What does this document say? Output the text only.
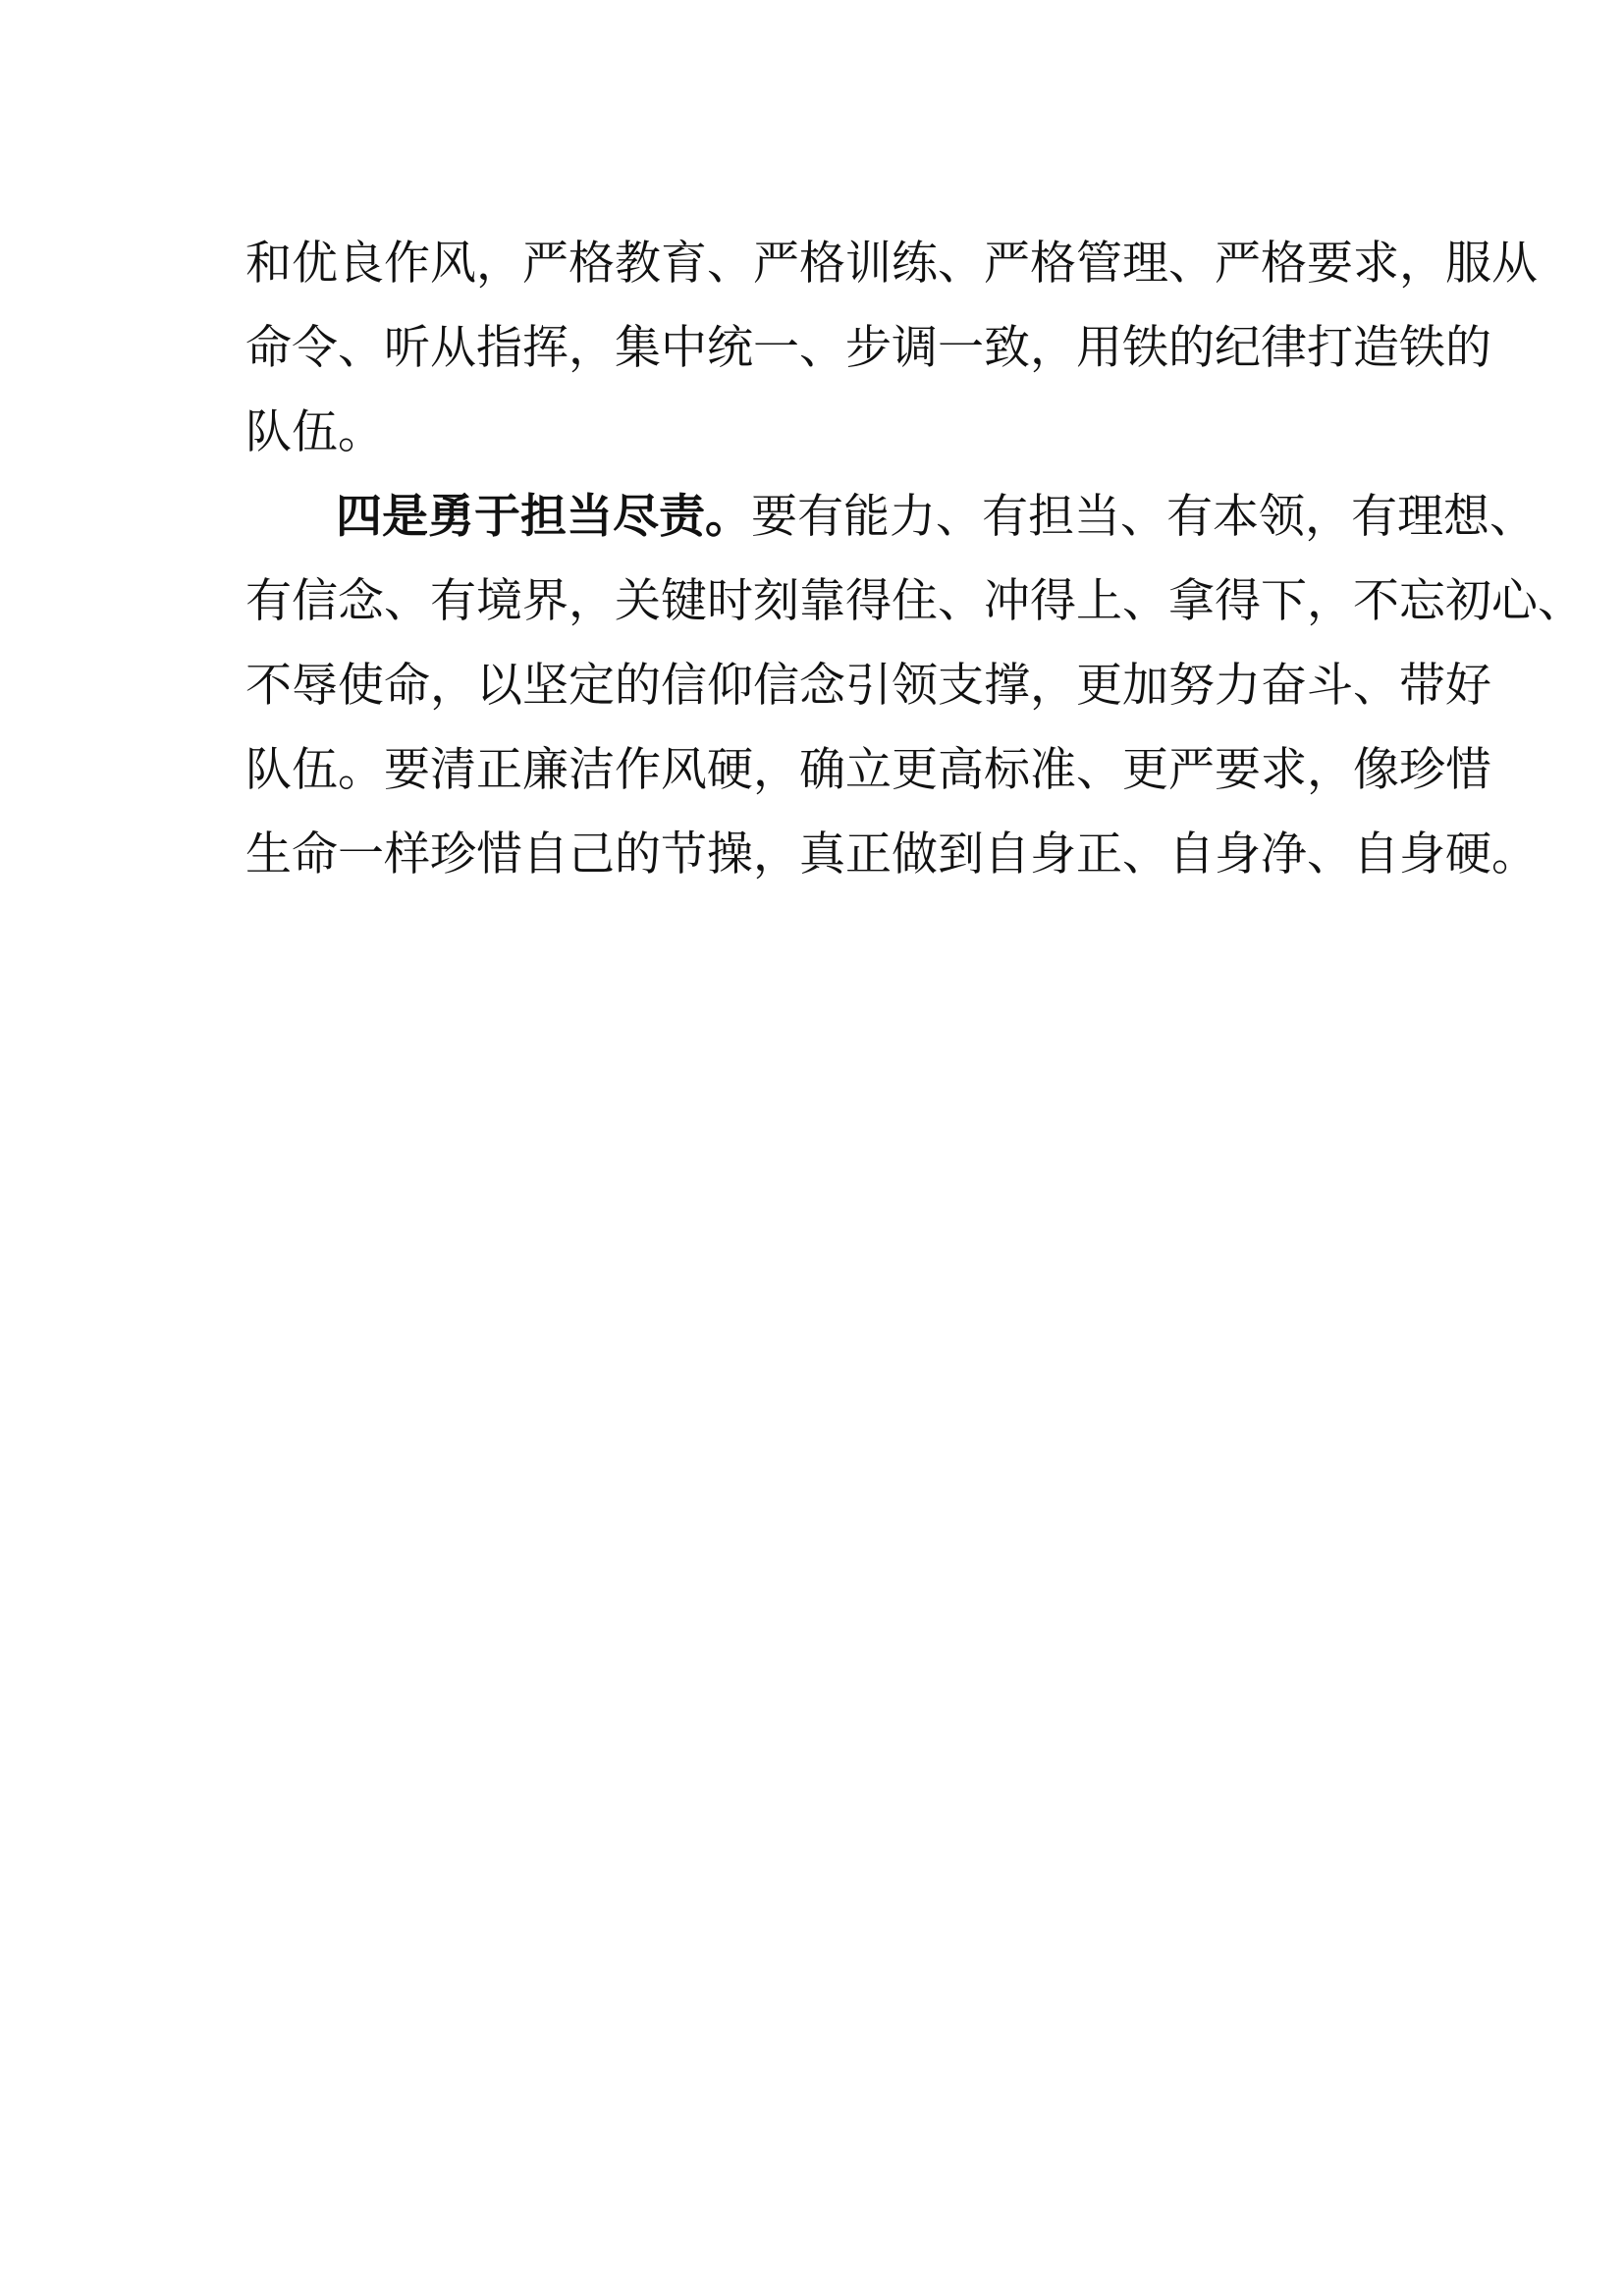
和优良作风，严格教育、严格训练、严格管理、严格要求，服从
命令、听从指挥，集中统一、步调一致，用铁的纪律打造铁的
队伍。
四是勇于担当尽责。要有能力、有担当、有本领，有理想、
有信念、有境界，关键时刻靠得住、冲得上、拿得下，不忘初心、
不辱使命，以坚定的信仰信念引领支撑，更加努力奋斗、带好
队伍。要清正廉洁作风硬，确立更高标准、更严要求，像珍惜
生命一样珍惜自己的节操，真正做到自身正、自身净、自身硬。
